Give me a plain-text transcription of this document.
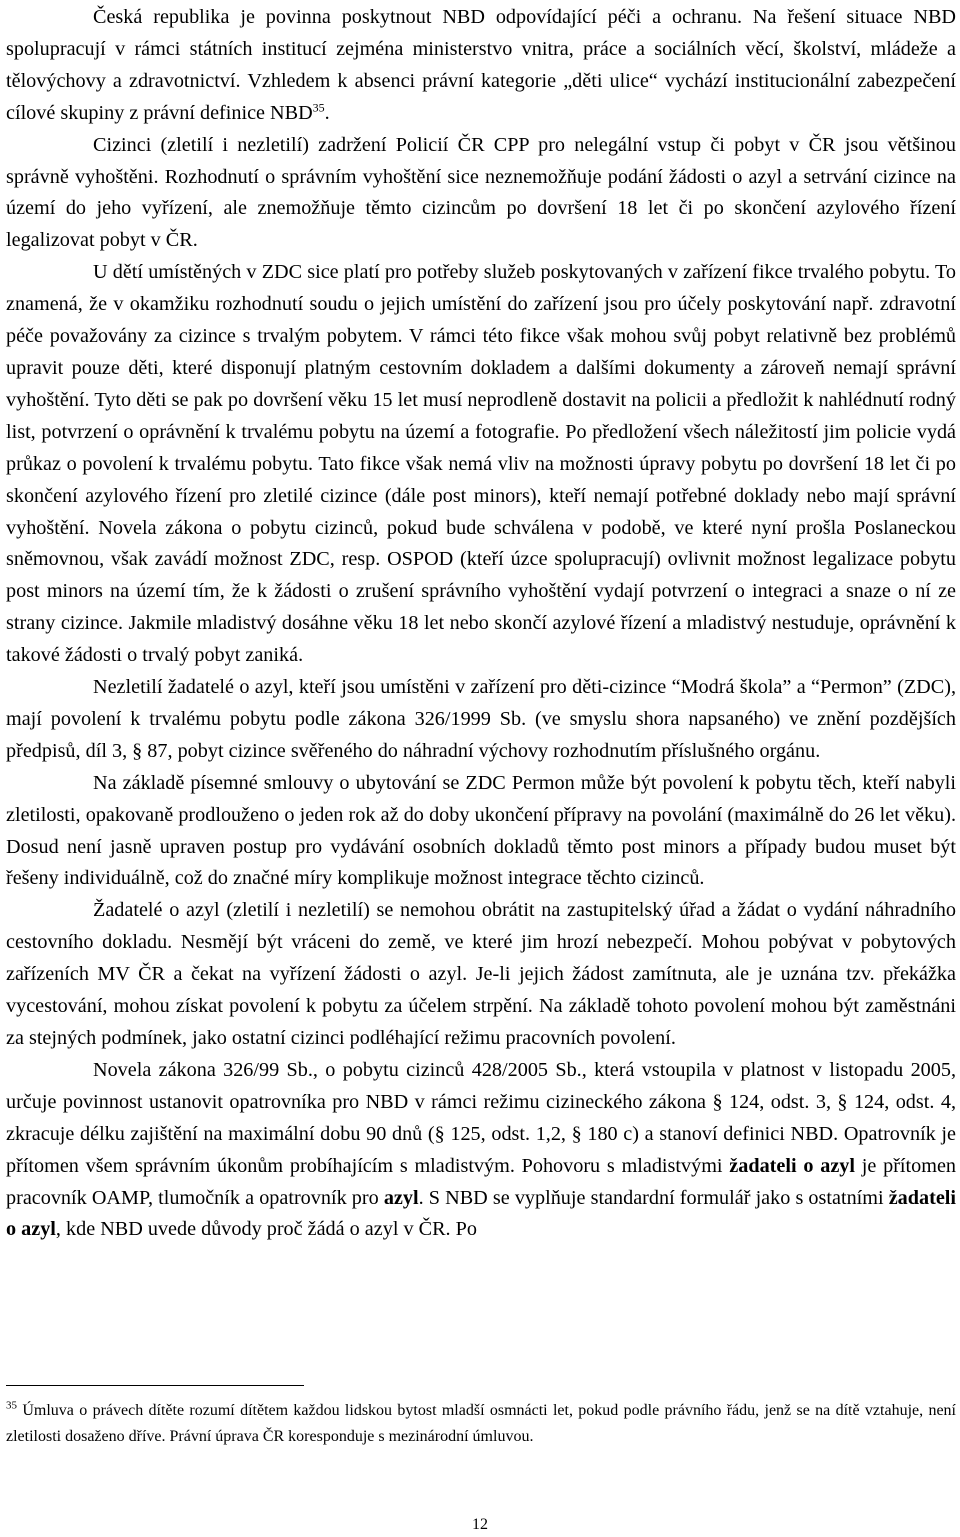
Česká republika je povinna poskytnout NBD odpovídající péči a ochranu. Na řešení situace NBD spolupracují v rámci státních institucí zejména ministerstvo vnitra, práce a sociálních věcí, školství, mládeže a tělovýchovy a zdravotnictví. Vzhledem k absenci právní kategorie „děti ulice“ vychází institucionální zabezpečení cílové skupiny z právní definice NBD$^{35}$.

Cizinci (zletilí i nezletilí) zadržení Policií ČR CPP pro nelegální vstup či pobyt v ČR jsou většinou správně vyhoštěni. Rozhodnutí o správním vyhoštění sice neznemožňuje podání žádosti o azyl a setrvání cizince na území do jeho vyřízení, ale znemožňuje těmto cizincům po dovršení 18 let či po skončení azylového řízení legalizovat pobyt v ČR.

U dětí umístěných v ZDC sice platí pro potřeby služeb poskytovaných v zařízení fikce trvalého pobytu. To znamená, že v okamžiku rozhodnutí soudu o jejich umístění do zařízení jsou pro účely poskytování např. zdravotní péče považovány za cizince s trvalým pobytem. V rámci této fikce však mohou svůj pobyt relativně bez problémů upravit pouze děti, které disponují platným cestovním dokladem a dalšími dokumenty a zároveň nemají správní vyhoštění. Tyto děti se pak po dovršení věku 15 let musí neprodleně dostavit na policii a předložit k nahlédnutí rodný list, potvrzení o oprávnění k trvalému pobytu na území a fotografie. Po předložení všech náležitostí jim policie vydá průkaz o povolení k trvalému pobytu. Tato fikce však nemá vliv na možnosti úpravy pobytu po dovršení 18 let či po skončení azylového řízení pro zletilé cizince (dále post minors), kteří nemají potřebné doklady nebo mají správní vyhoštění. Novela zákona o pobytu cizinců, pokud bude schválena v podobě, ve které nyní prošla Poslaneckou sněmovnou, však zavádí možnost ZDC, resp. OSPOD (kteří úzce spolupracují) ovlivnit možnost legalizace pobytu post minors na území tím, že k žádosti o zrušení správního vyhoštění vydají potvrzení o integraci a snaze o ní ze strany cizince. Jakmile mladistvý dosáhne věku 18 let nebo skončí azylové řízení a mladistvý nestuduje, oprávnění k takové žádosti o trvalý pobyt zaniká.

Nezletilí žadatelé o azyl, kteří jsou umístěni v zařízení pro děti-cizince “Modrá škola” a “Permon” (ZDC), mají povolení k trvalému pobytu podle zákona 326/1999 Sb. (ve smyslu shora napsaného) ve znění pozdějších předpisů, díl 3, § 87, pobyt cizince svěřeného do náhradní výchovy rozhodnutím příslušného orgánu.

Na základě písemné smlouvy o ubytování se ZDC Permon může být povolení k pobytu těch, kteří nabyli zletilosti, opakovaně prodlouženo o jeden rok až do doby ukončení přípravy na povolání (maximálně do 26 let věku). Dosud není jasně upraven postup pro vydávání osobních dokladů těmto post minors a případy budou muset být řešeny individuálně, což do značné míry komplikuje možnost integrace těchto cizinců.

Žadatelé o azyl (zletilí i nezletilí) se nemohou obrátit na zastupitelský úřad a žádat o vydání náhradního cestovního dokladu. Nesmějí být vráceni do země, ve které jim hrozí nebezpečí. Mohou pobývat v pobytových zařízeních MV ČR a čekat na vyřízení žádosti o azyl. Je-li jejich žádost zamítnuta, ale je uznána tzv. překážka vycestování, mohou získat povolení k pobytu za účelem strpění. Na základě tohoto povolení mohou být zaměstnáni za stejných podmínek, jako ostatní cizinci podléhající režimu pracovních povolení.

Novela zákona 326/99 Sb., o pobytu cizinců 428/2005 Sb., která vstoupila v platnost v listopadu 2005, určuje povinnost ustanovit opatrovníka pro NBD v rámci režimu cizineckého zákona § 124, odst. 3, § 124, odst. 4, zkracuje délku zajištění na maximální dobu 90 dnů (§ 125, odst. 1,2, § 180 c) a stanoví definici NBD. Opatrovník je přítomen všem správním úkonům probíhajícím s mladistvým. Pohovoru s mladistvými žadateli o azyl je přítomen pracovník OAMP, tlumočník a opatrovník pro azyl. S NBD se vyplňuje standardní formulář jako s ostatními žadateli o azyl, kde NBD uvede důvody proč žádá o azyl v ČR. Po

$^{35}$ Úmluva o právech dítěte rozumí dítětem každou lidskou bytost mladší osmnácti let, pokud podle právního řádu, jenž se na dítě vztahuje, není zletilosti dosaženo dříve. Právní úprava ČR koresponduje s mezinárodní úmluvou.
12
